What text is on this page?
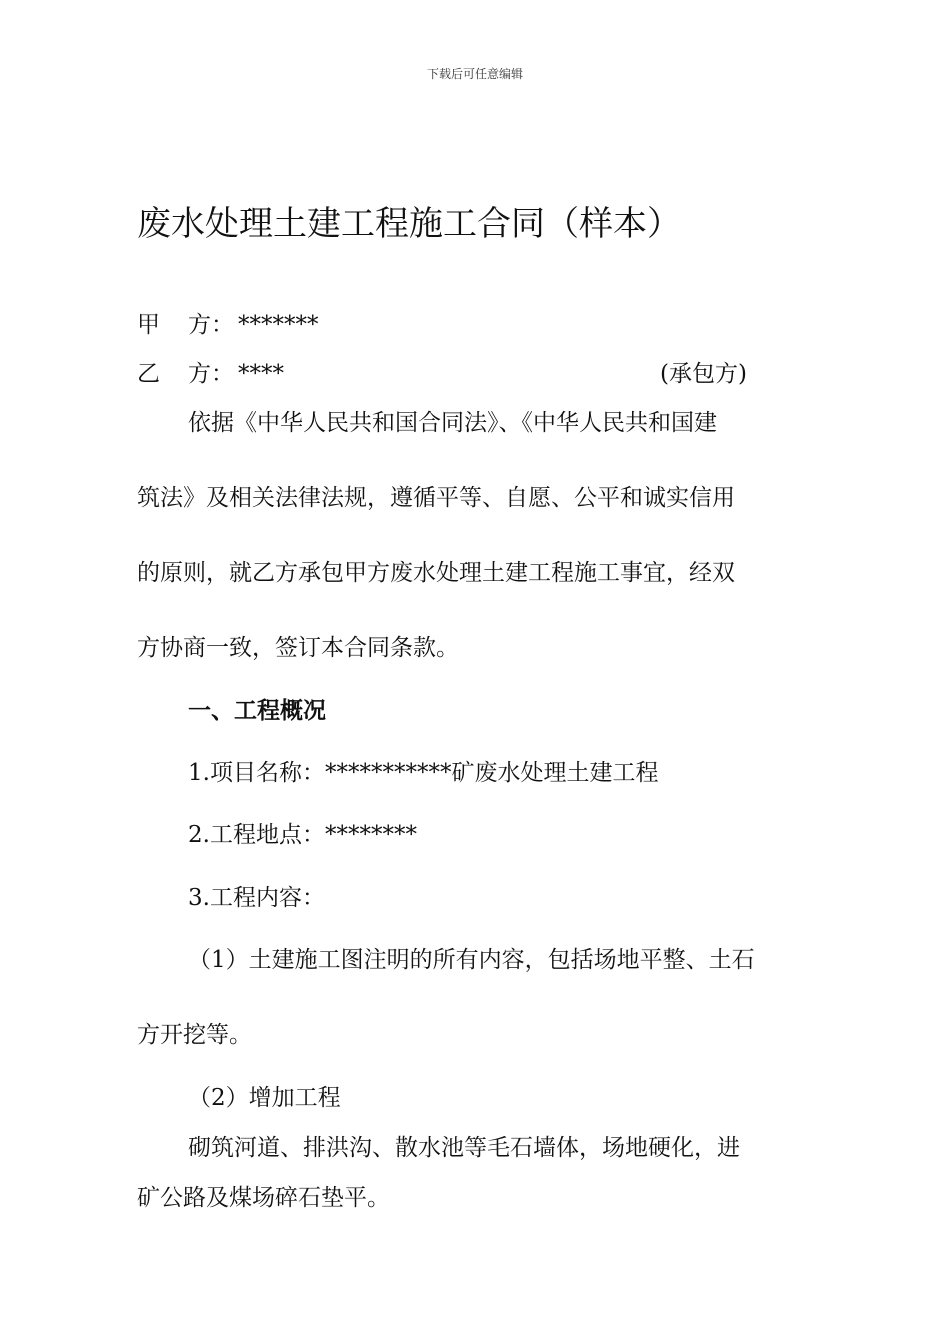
下载后可任意编辑
废水处理土建工程施工合同（样本）
甲 方： *******
乙 方： ****	(承包方)
依据《中华人民共和国合同法》、《中华人民共和国建
筑法》及相关法律法规，遵循平等、自愿、公平和诚实信用
的原则，就乙方承包甲方废水处理土建工程施工事宜，经双
方协商一致，签订本合同条款。
一、工程概况
1.项目名称：***********矿废水处理土建工程
2.工程地点：********
3.工程内容：
（1）土建施工图注明的所有内容，包括场地平整、土石
方开挖等。
（2）增加工程
砌筑河道、排洪沟、散水池等毛石墙体，场地硬化，进
矿公路及煤场碎石垫平。
